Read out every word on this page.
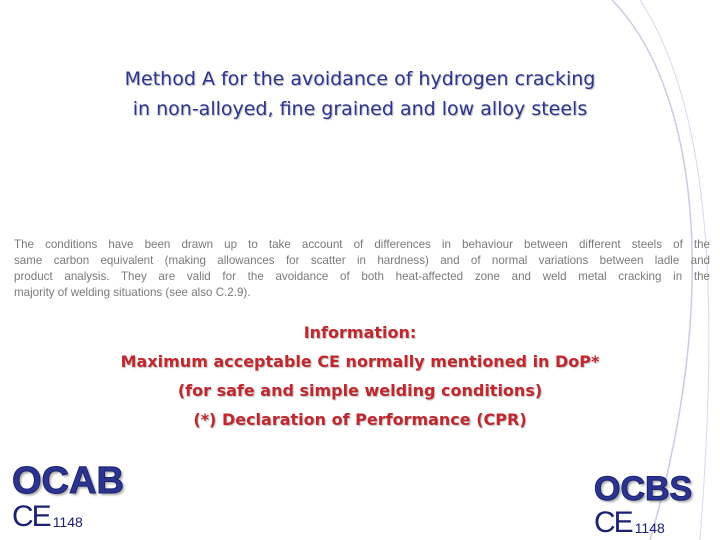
Method A for the avoidance of hydrogen cracking
in non-alloyed, fine grained and low alloy steels
The conditions have been drawn up to take account of differences in behaviour between different steels of the
same carbon equivalent (making allowances for scatter in hardness) and of normal variations between ladle and
product analysis. They are valid for the avoidance of both heat-affected zone and weld metal cracking in the
majority of welding situations (see also C.2.9).
Information:
Maximum acceptable CE normally mentioned in DoP*
(for safe and simple welding conditions)
(*) Declaration of Performance (CPR)
OCAB
CE 1148
OCBS
CE 1148
